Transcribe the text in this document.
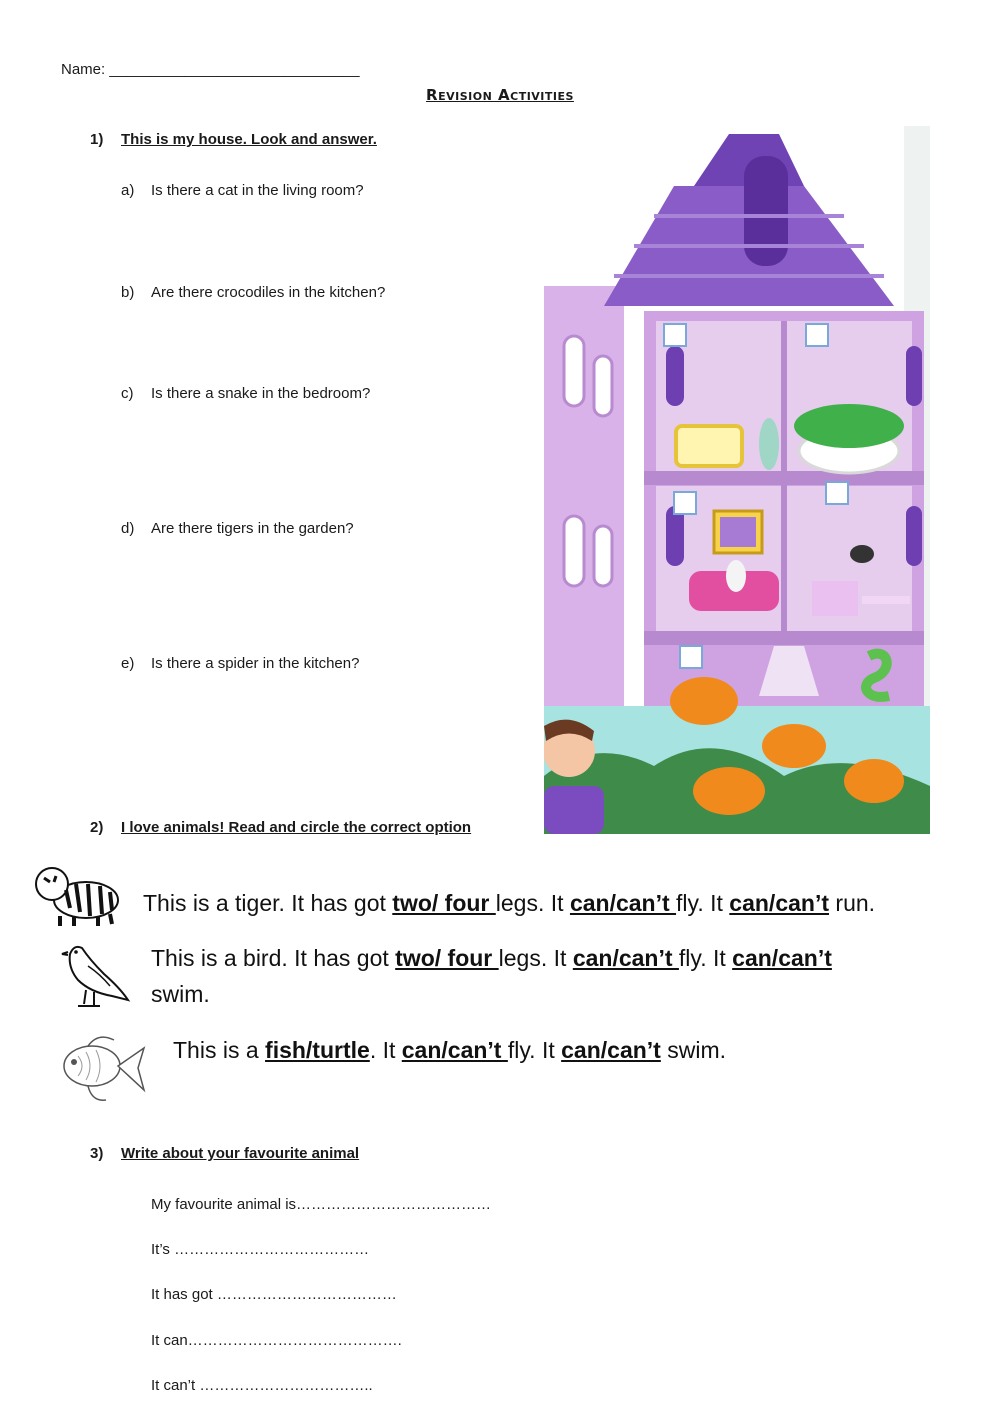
Name: ______________________________
Revision Activities
1) This is my house. Look and answer.
a) Is there a cat in the living room?
b) Are there crocodiles in the kitchen?
c) Is there a snake in the bedroom?
d) Are there tigers in the garden?
e) Is there a spider in the kitchen?
2) I love animals! Read and circle the correct option
This is a tiger. It has got two/ four legs. It can/can’t fly. It can/can’t run.
This is a bird. It has got two/ four legs. It can/can’t fly. It can/can’t
swim.
This is a fish/turtle. It can/can’t fly. It can/can’t swim.
3) Write about your favourite animal
My favourite animal is…………………………………
It’s …………………………………
It has got ………………………………
It can…………………………………….
It can’t ……………………………..
